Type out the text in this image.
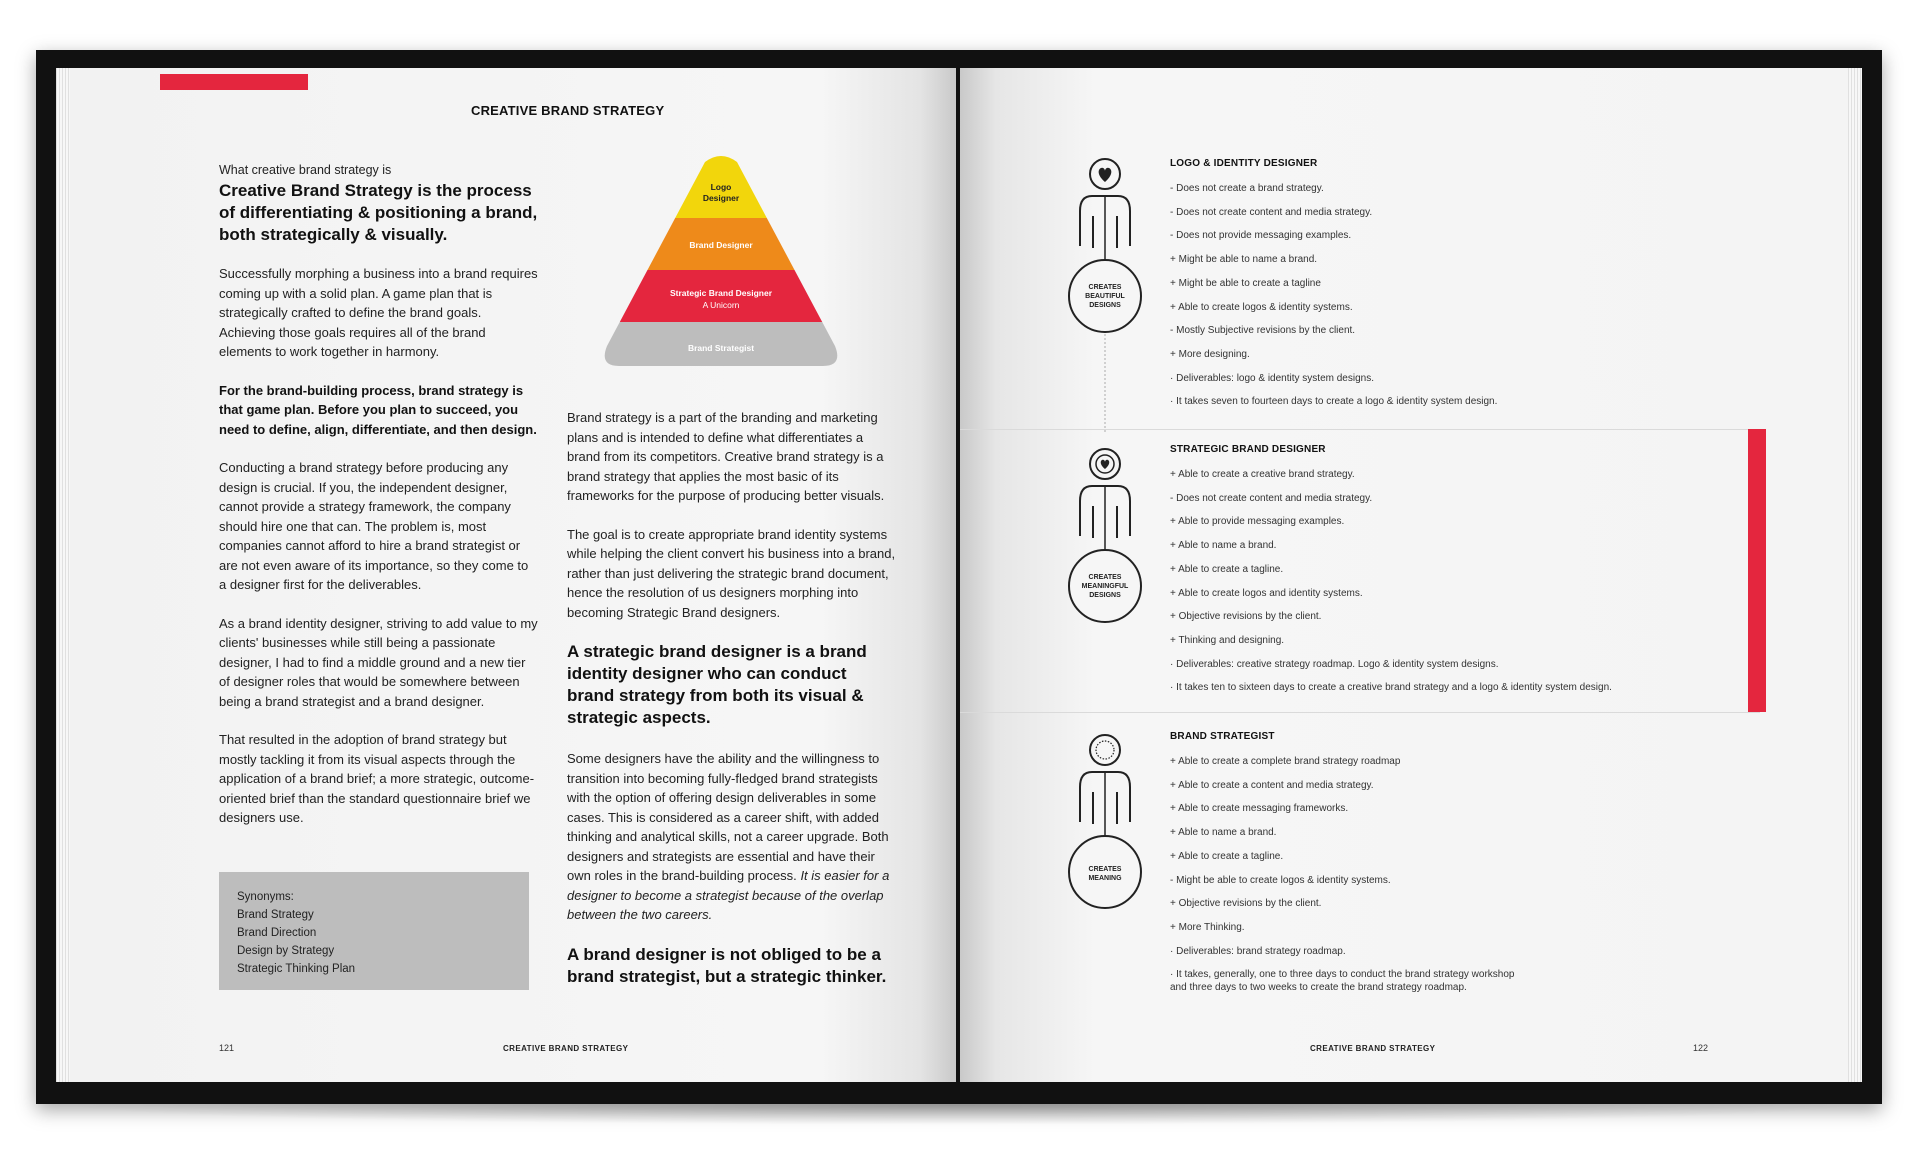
CREATIVE BRAND STRATEGY
What creative brand strategy is
Creative Brand Strategy is the process of differentiating & positioning a brand, both strategically & visually.

Successfully morphing a business into a brand requires coming up with a solid plan. A game plan that is strategically crafted to define the brand goals. Achieving those goals requires all of the brand elements to work together in harmony.

For the brand-building process, brand strategy is that game plan. Before you plan to succeed, you need to define, align, differentiate, and then design.

Conducting a brand strategy before producing any design is crucial. If you, the independent designer, cannot provide a strategy framework, the company should hire one that can. The problem is, most companies cannot afford to hire a brand strategist or are not even aware of its importance, so they come to a designer first for the deliverables.

As a brand identity designer, striving to add value to my clients' businesses while still being a passionate designer, I had to find a middle ground and a new tier of designer roles that would be somewhere between being a brand strategist and a brand designer.

That resulted in the adoption of brand strategy but mostly tackling it from its visual aspects through the application of a brand brief; a more strategic, outcome-oriented brief than the standard questionnaire brief we designers use.

Synonyms:
Brand Strategy
Brand Direction
Design by Strategy
Strategic Thinking Plan
Logo
Designer
Brand Designer
Strategic Brand Designer
A Unicorn
Brand Strategist

Brand strategy is a part of the branding and marketing plans and is intended to define what differentiates a brand from its competitors. Creative brand strategy is a brand strategy that applies the most basic of its frameworks for the purpose of producing better visuals.

The goal is to create appropriate brand identity systems while helping the client convert his business into a brand, rather than just delivering the strategic brand document, hence the resolution of us designers morphing into becoming Strategic Brand designers.

A strategic brand designer is a brand identity designer who can conduct brand strategy from both its visual & strategic aspects.

Some designers have the ability and the willingness to transition into becoming fully-fledged brand strategists with the option of offering design deliverables in some cases. This is considered as a career shift, with added thinking and analytical skills, not a career upgrade. Both designers and strategists are essential and have their own roles in the brand-building process. It is easier for a designer to become a strategist because of the overlap between the two careers.

A brand designer is not obliged to be a brand strategist, but a strategic thinker.

121	CREATIVE BRAND STRATEGY
CREATES
BEAUTIFUL
DESIGNS
CREATES
MEANINGFUL
DESIGNS
CREATES
MEANING
LOGO & IDENTITY DESIGNER
- Does not create a brand strategy.
- Does not create content and media strategy.
- Does not provide messaging examples.
+ Might be able to name a brand.
+ Might be able to create a tagline
+ Able to create logos & identity systems.
- Mostly Subjective revisions by the client.
+ More designing.
· Deliverables: logo & identity system designs.
· It takes seven to fourteen days to create a logo & identity system design.
STRATEGIC BRAND DESIGNER
+ Able to create a creative brand strategy.
- Does not create content and media strategy.
+ Able to provide messaging examples.
+ Able to name a brand.
+ Able to create a tagline.
+ Able to create logos and identity systems.
+ Objective revisions by the client.
+ Thinking and designing.
· Deliverables: creative strategy roadmap. Logo & identity system designs.
· It takes ten to sixteen days to create a creative brand strategy and a logo & identity system design.
BRAND STRATEGIST
+ Able to create a complete brand strategy roadmap
+ Able to create a content and media strategy.
+ Able to create messaging frameworks.
+ Able to name a brand.
+ Able to create a tagline.
- Might be able to create logos & identity systems.
+ Objective revisions by the client.
+ More Thinking.
· Deliverables: brand strategy roadmap.
· It takes, generally, one to three days to conduct the brand strategy workshop and three days to two weeks to create the brand strategy roadmap.
CREATIVE BRAND STRATEGY	122
